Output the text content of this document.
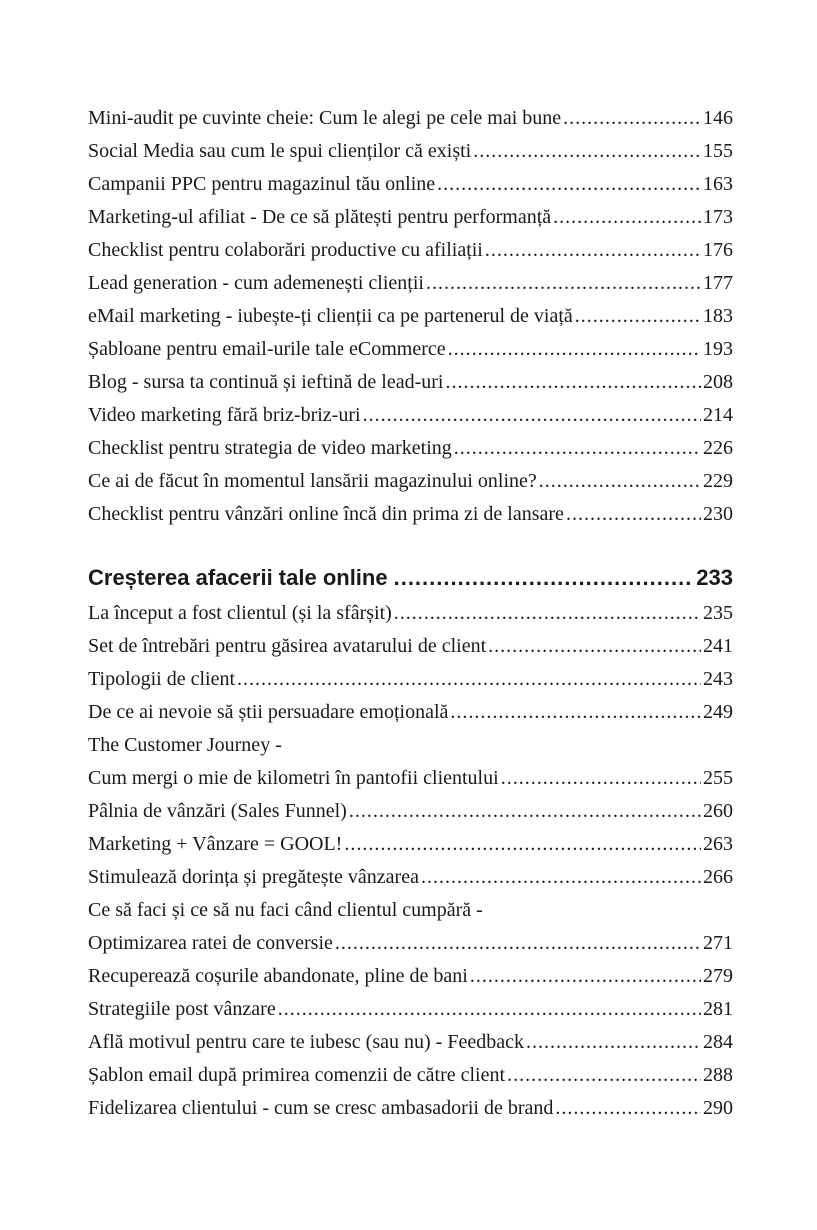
Mini-audit pe cuvinte cheie: Cum le alegi pe cele mai bune .....	146
Social Media sau cum le spui clienților că exiști .....	155
Campanii PPC pentru magazinul tău online .....	163
Marketing-ul afiliat - De ce să plătești pentru performanță .....	173
Checklist pentru colaborări productive cu afiliații .....	176
Lead generation - cum ademenești clienții .....	177
eMail marketing - iubește-ți clienții ca pe partenerul de viață .....	183
Șabloane pentru email-urile tale eCommerce .....	193
Blog - sursa ta continuă și ieftină de lead-uri .....	208
Video marketing fără briz-briz-uri .....	214
Checklist pentru strategia de video marketing .....	226
Ce ai de făcut în momentul lansării magazinului online? .....	229
Checklist pentru vânzări online încă din prima zi de lansare .....	230
Creșterea afacerii tale online .....	233
La început a fost clientul (și la sfârșit) .....	235
Set de întrebări pentru găsirea avatarului de client .....	241
Tipologii de client .....	243
De ce ai nevoie să știi persuadare emoțională .....	249
The Customer Journey -
Cum mergi o mie de kilometri în pantofii clientului .....	255
Pâlnia de vânzări (Sales Funnel) .....	260
Marketing + Vânzare = GOOL! .....	263
Stimulează dorința și pregătește vânzarea .....	266
Ce să faci și ce să nu faci când clientul cumpără -
Optimizarea ratei de conversie .....	271
Recuperează coșurile abandonate, pline de bani .....	279
Strategiile post vânzare .....	281
Află motivul pentru care te iubesc (sau nu) - Feedback .....	284
Șablon email după primirea comenzii de către client .....	288
Fidelizarea clientului - cum se cresc ambasadorii de brand .....	290
